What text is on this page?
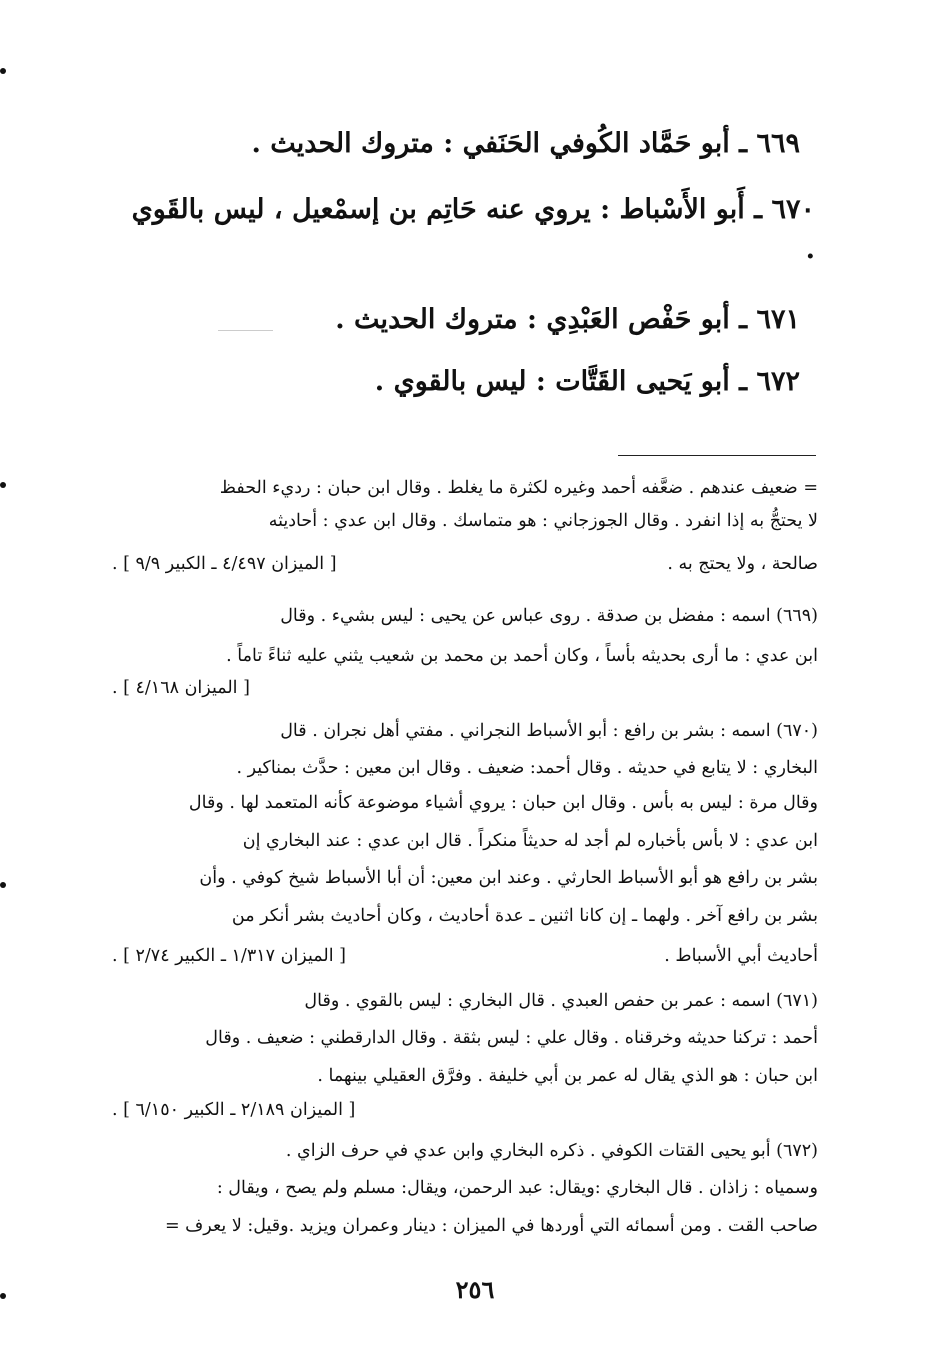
٦٦٩ ـ أبو حَمَّاد الكُوفي الحَنَفي : متروك الحديث .
٦٧٠ ـ أَبو الأَسْباط : يروي عنه حَاتِم بن إسمْعيل ، ليس بالقَوي .
٦٧١ ـ أبو حَفْص العَبْدِي : متروك الحديث .
٦٧٢ ـ أبو يَحيى القَتَّات : ليس بالقوي .
= ضعيف عندهم . ضعَّفه أحمد وغيره لكثرة ما يغلط . وقال ابن حبان : رديء الحفظ
لا يحتجُّ به إذا انفرد . وقال الجوزجاني : هو متماسك . وقال ابن عدي : أحاديثه
صالحة ، ولا يحتج به .
[ الميزان ٤/٤٩٧ ـ الكبير ٩/٩ ] .
(٦٦٩) اسمه : مفضل بن صدقة . روى عباس عن يحيى : ليس بشيء . وقال
ابن عدي : ما أرى بحديثه بأساً ، وكان أحمد بن محمد بن شعيب يثني عليه ثناءً تاماً .
[ الميزان ٤/١٦٨ ] .
(٦٧٠) اسمه : بشر بن رافع : أبو الأسباط النجراني . مفتي أهل نجران . قال
البخاري : لا يتابع في حديثه . وقال أحمد: ضعيف . وقال ابن معين : حدَّث بمناكير .
وقال مرة : ليس به بأس . وقال ابن حبان : يروي أشياء موضوعة كأنه المتعمد لها . وقال
ابن عدي : لا بأس بأخباره لم أجد له حديثاً منكراً . قال ابن عدي : عند البخاري إن
بشر بن رافع هو أبو الأسباط الحارثي . وعند ابن معين: أن أبا الأسباط شيخ كوفي . وأن
بشر بن رافع آخر . ولهما ـ إن كانا اثنين ـ عدة أحاديث ، وكان أحاديث بشر أنكر من
أحاديث أبي الأسباط .
[ الميزان ١/٣١٧ ـ الكبير ٢/٧٤ ] .
(٦٧١) اسمه : عمر بن حفص العبدي . قال البخاري : ليس بالقوي . وقال
أحمد : تركنا حديثه وخرقناه . وقال علي : ليس بثقة . وقال الدارقطني : ضعيف . وقال
ابن حبان : هو الذي يقال له عمر بن أبي خليفة . وفرَّق العقيلي بينهما .
[ الميزان ٢/١٨٩ ـ الكبير ٦/١٥٠ ] .
(٦٧٢) أبو يحيى القتات الكوفي . ذكره البخاري وابن عدي في حرف الزاي .
وسمياه : زاذان . قال البخاري :ويقال: عبد الرحمن، ويقال: مسلم ولم يصح ، ويقال :
صاحب القت . ومن أسمائه التي أوردها في الميزان : دينار وعمران ويزيد .وقيل: لا يعرف =
٢٥٦
